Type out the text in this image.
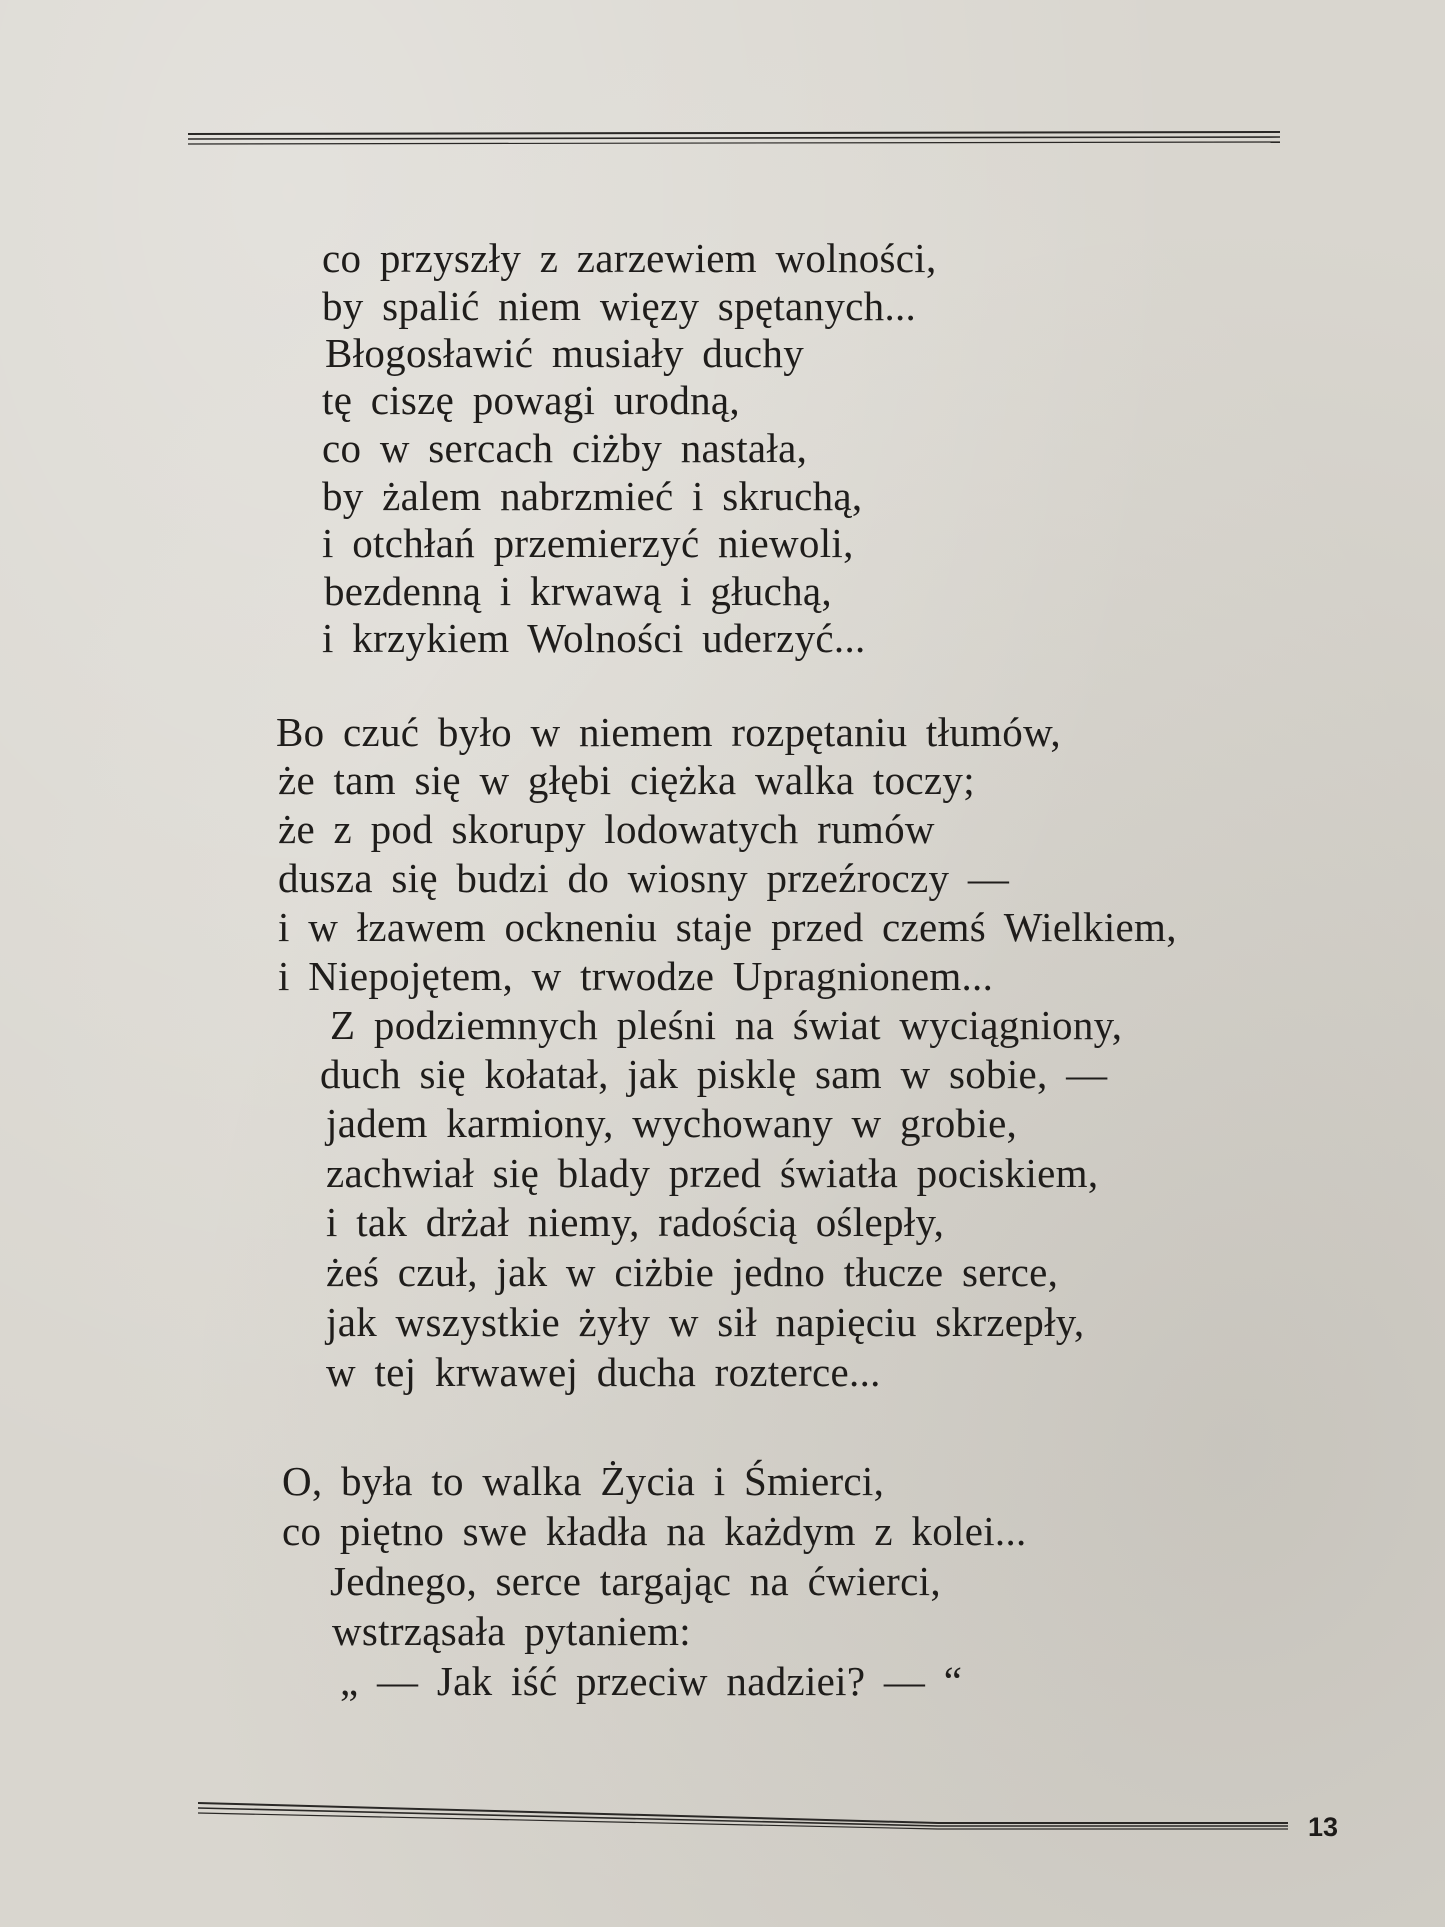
co przyszły z zarzewiem wolności,
by spalić niem więzy spętanych...
Błogosławić musiały duchy
tę ciszę powagi urodną,
co w sercach ciżby nastała,
by żalem nabrzmieć i skruchą,
i otchłań przemierzyć niewoli,
bezdenną i krwawą i głuchą,
i krzykiem Wolności uderzyć...
Bo czuć było w niemem rozpętaniu tłumów,
że tam się w głębi ciężka walka toczy;
że z pod skorupy lodowatych rumów
dusza się budzi do wiosny przeźroczy —
i w łzawem ockneniu staje przed czemś Wielkiem,
i Niepojętem, w trwodze Upragnionem...
Z podziemnych pleśni na świat wyciągniony,
duch się kołatał, jak pisklę sam w sobie, —
jadem karmiony, wychowany w grobie,
zachwiał się blady przed światła pociskiem,
i tak drżał niemy, radością oślepły,
żeś czuł, jak w ciżbie jedno tłucze serce,
jak wszystkie żyły w sił napięciu skrzepły,
w tej krwawej ducha rozterce...
O, była to walka Życia i Śmierci,
co piętno swe kładła na każdym z kolei...
Jednego, serce targając na ćwierci,
wstrząsała pytaniem:
„ — Jak iść przeciw nadziei? — “
13
